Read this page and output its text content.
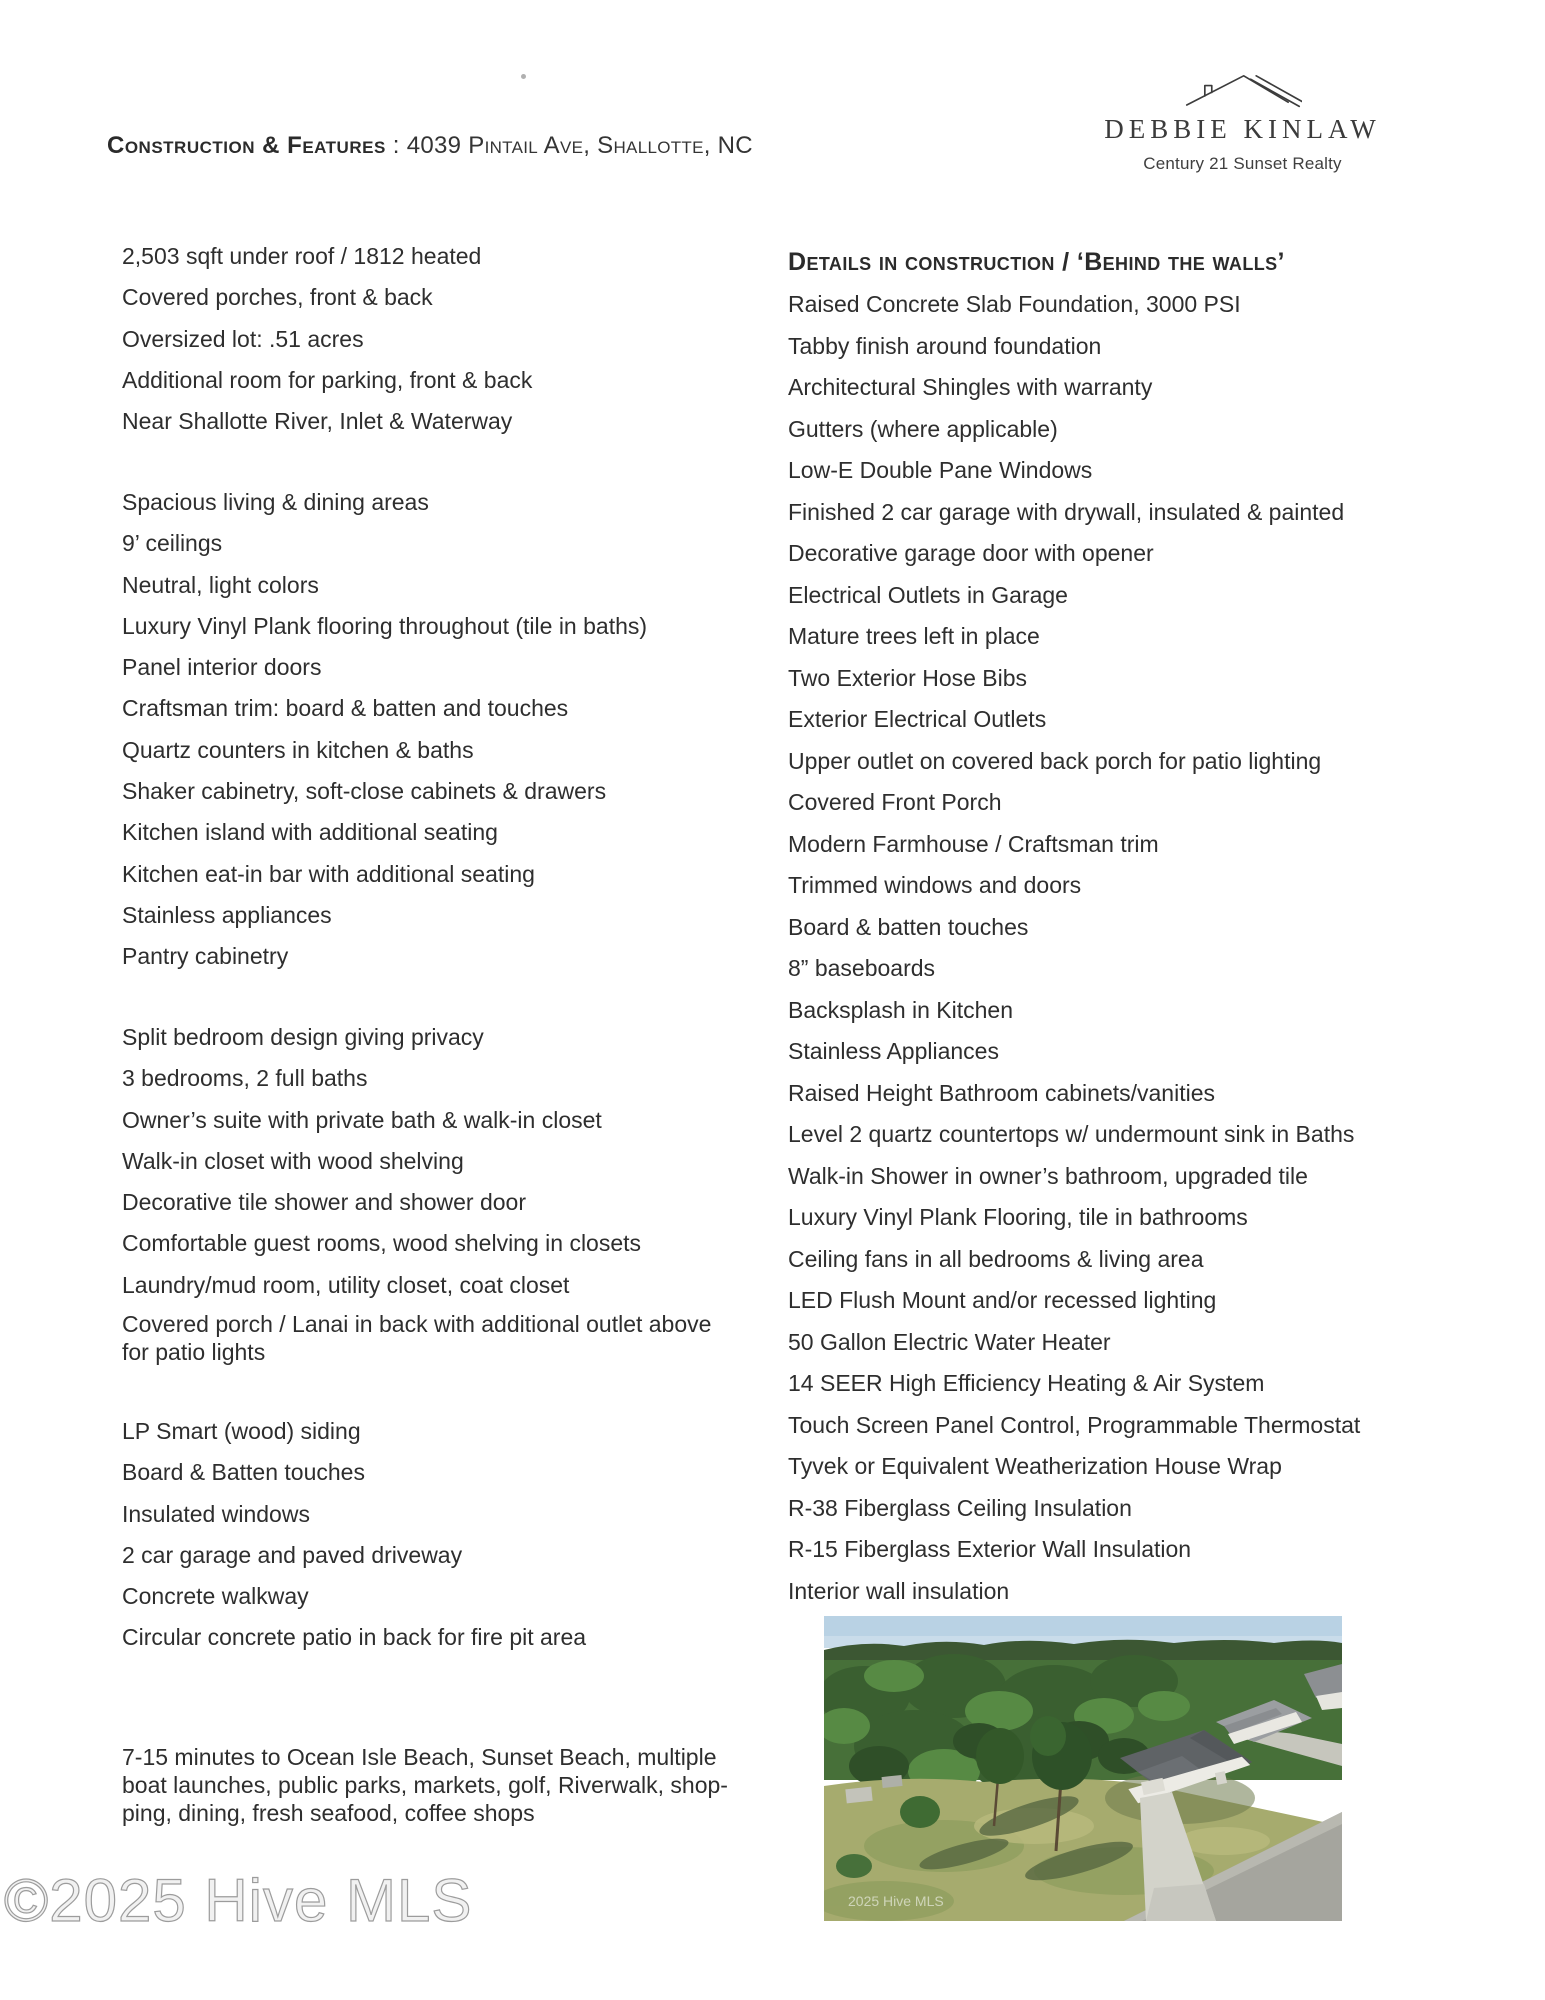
Construction & Features : 4039 Pintail Ave, Shallotte, NC
DEBBIE KINLAW
Century 21 Sunset Realty
2,503 sqft under roof / 1812 heated
Covered porches, front & back
Oversized lot: .51 acres
Additional room for parking, front & back
Near Shallotte River, Inlet & Waterway
Spacious living & dining areas
9’ ceilings
Neutral, light colors
Luxury Vinyl Plank flooring throughout (tile in baths)
Panel interior doors
Craftsman trim: board & batten and touches
Quartz counters in kitchen & baths
Shaker cabinetry, soft-close cabinets & drawers
Kitchen island with additional seating
Kitchen eat-in bar with additional seating
Stainless appliances
Pantry cabinetry
Split bedroom design giving privacy
3 bedrooms, 2 full baths
Owner’s suite with private bath & walk-in closet
Walk-in closet with wood shelving
Decorative tile shower and shower door
Comfortable guest rooms, wood shelving in closets
Laundry/mud room, utility closet, coat closet
Covered porch / Lanai in back with additional outlet above
for patio lights
LP Smart (wood) siding
Board & Batten touches
Insulated windows
2 car garage and paved driveway
Concrete walkway
Circular concrete patio in back for fire pit area
7-15 minutes to Ocean Isle Beach, Sunset Beach, multiple
boat launches, public parks, markets, golf, Riverwalk, shop-
ping, dining, fresh seafood, coffee shops
Details in construction / ‘Behind the walls’
Raised Concrete Slab Foundation, 3000 PSI
Tabby finish around foundation
Architectural Shingles with warranty
Gutters (where applicable)
Low-E Double Pane Windows
Finished 2 car garage with drywall, insulated & painted
Decorative garage door with opener
Electrical Outlets in Garage
Mature trees left in place
Two Exterior Hose Bibs
Exterior Electrical Outlets
Upper outlet on covered back porch for patio lighting
Covered Front Porch
Modern Farmhouse / Craftsman trim
Trimmed windows and doors
Board & batten touches
8” baseboards
Backsplash in Kitchen
Stainless Appliances
Raised Height Bathroom cabinets/vanities
Level 2 quartz countertops w/ undermount sink in Baths
Walk-in Shower in owner’s bathroom, upgraded tile
Luxury Vinyl Plank Flooring, tile in bathrooms
Ceiling fans in all bedrooms & living area
LED Flush Mount and/or recessed lighting
50 Gallon Electric Water Heater
14 SEER High Efficiency Heating & Air System
Touch Screen Panel Control, Programmable Thermostat
Tyvek or Equivalent Weatherization House Wrap
R-38 Fiberglass Ceiling Insulation
R-15 Fiberglass Exterior Wall Insulation
Interior wall insulation
2025 Hive MLS
©2025 Hive MLS
